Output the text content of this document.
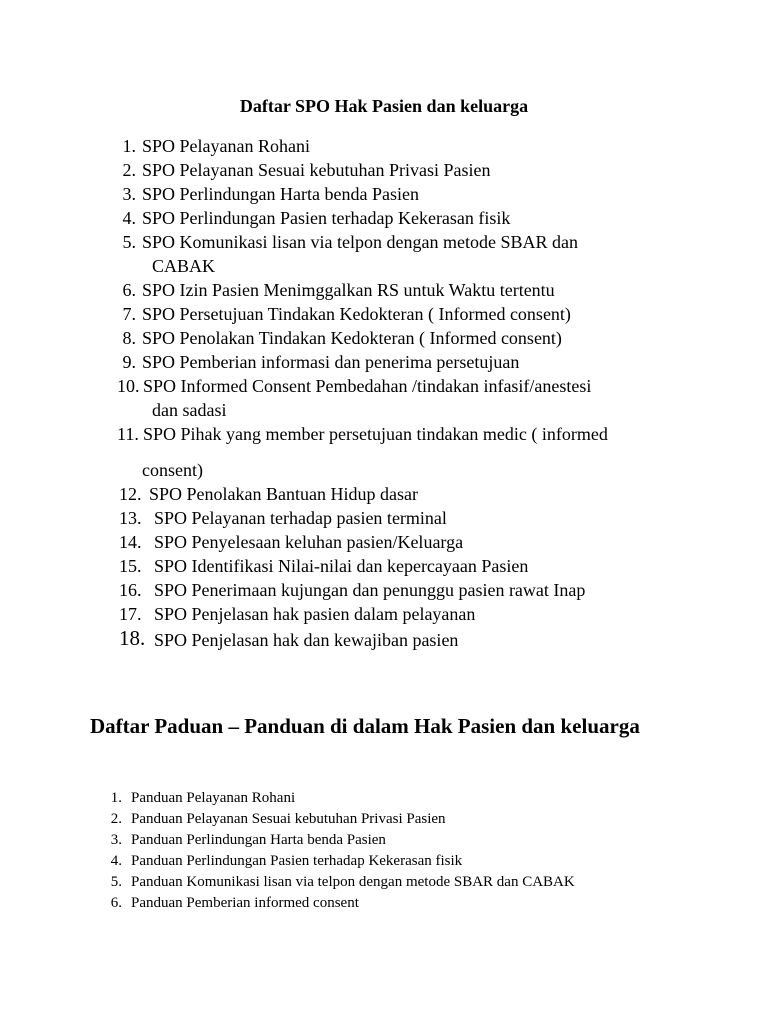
Daftar SPO Hak Pasien dan keluarga
1. SPO Pelayanan Rohani
2. SPO Pelayanan Sesuai kebutuhan Privasi Pasien
3. SPO Perlindungan Harta benda Pasien
4. SPO Perlindungan Pasien terhadap Kekerasan fisik
5. SPO Komunikasi lisan via telpon dengan metode SBAR dan
CABAK
6. SPO Izin Pasien Menimggalkan RS untuk Waktu tertentu
7. SPO Persetujuan Tindakan Kedokteran ( Informed consent)
8. SPO Penolakan Tindakan Kedokteran ( Informed consent)
9. SPO Pemberian informasi dan penerima persetujuan
10. SPO Informed Consent Pembedahan /tindakan infasif/anestesi
dan sadasi
11. SPO Pihak yang member persetujuan tindakan medic ( informed
consent)
12. SPO Penolakan Bantuan Hidup dasar
13. SPO Pelayanan terhadap pasien terminal
14. SPO Penyelesaan keluhan pasien/Keluarga
15. SPO Identifikasi Nilai-nilai dan kepercayaan Pasien
16. SPO Penerimaan kujungan dan penunggu pasien rawat Inap
17. SPO Penjelasan hak pasien dalam pelayanan
18. SPO Penjelasan hak dan kewajiban pasien
Daftar Paduan – Panduan di dalam Hak Pasien dan keluarga
1. Panduan Pelayanan Rohani
2. Panduan Pelayanan Sesuai kebutuhan Privasi Pasien
3. Panduan Perlindungan Harta benda Pasien
4. Panduan Perlindungan Pasien terhadap Kekerasan fisik
5. Panduan Komunikasi lisan via telpon dengan metode SBAR dan CABAK
6. Panduan Pemberian informed consent
